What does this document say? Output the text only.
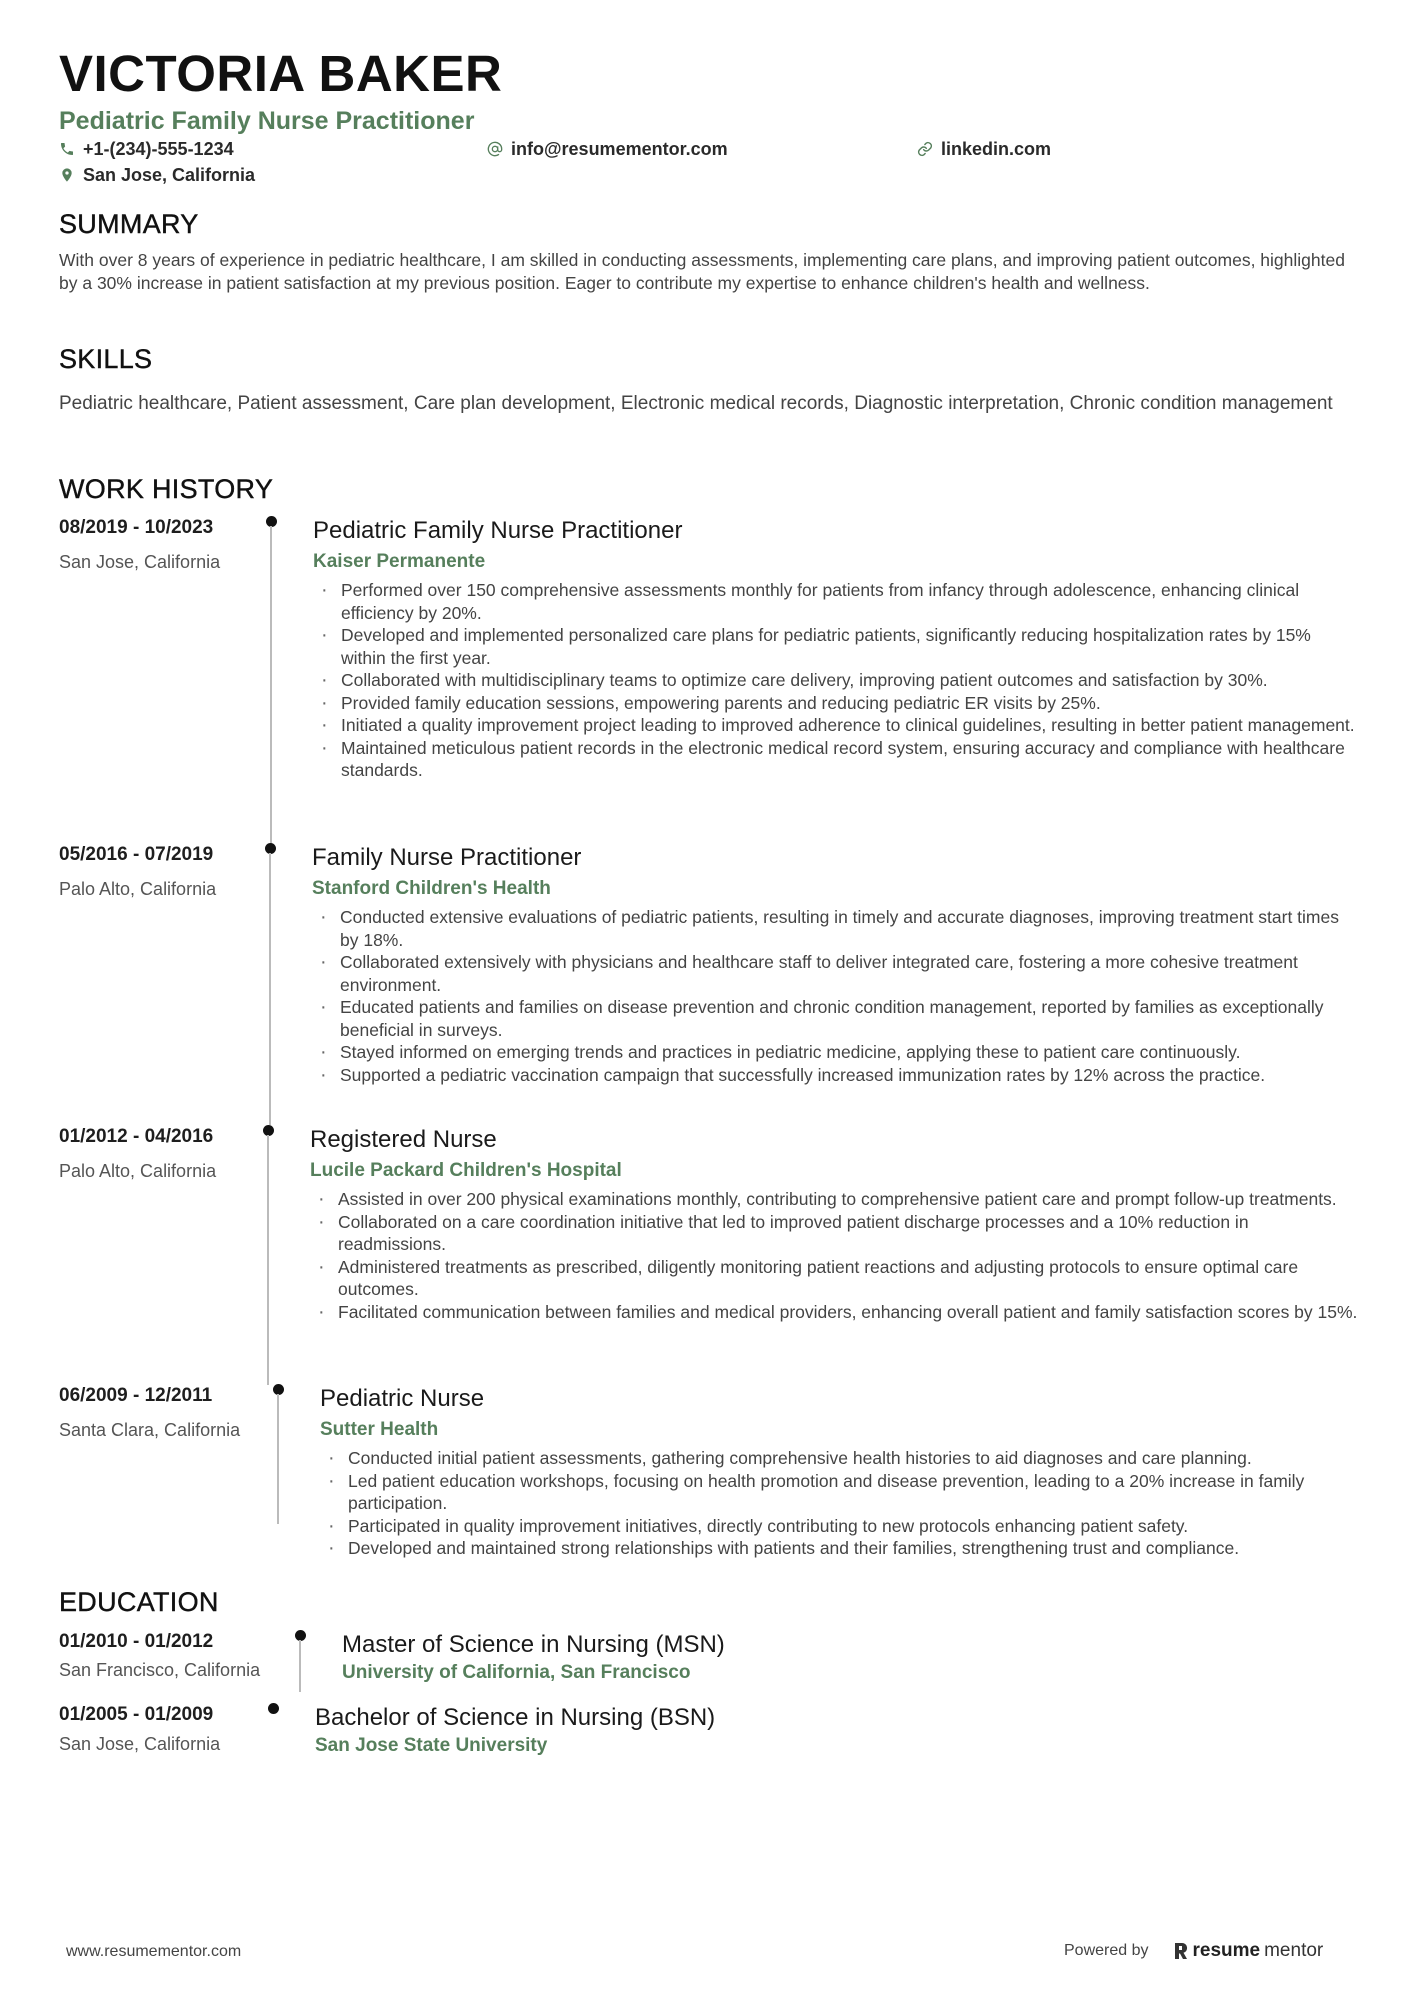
VICTORIA BAKER
Pediatric Family Nurse Practitioner
+1-(234)-555-1234	info@resumementor.com	linkedin.com
San Jose, California
SUMMARY
With over 8 years of experience in pediatric healthcare, I am skilled in conducting assessments, implementing care plans, and improving patient outcomes, highlighted by a 30% increase in patient satisfaction at my previous position. Eager to contribute my expertise to enhance children's health and wellness.
SKILLS
Pediatric healthcare, Patient assessment, Care plan development, Electronic medical records, Diagnostic interpretation, Chronic condition management
WORK HISTORY
08/2019 - 10/2023
San Jose, California
Pediatric Family Nurse Practitioner
Kaiser Permanente
· Performed over 150 comprehensive assessments monthly for patients from infancy through adolescence, enhancing clinical efficiency by 20%.
· Developed and implemented personalized care plans for pediatric patients, significantly reducing hospitalization rates by 15% within the first year.
· Collaborated with multidisciplinary teams to optimize care delivery, improving patient outcomes and satisfaction by 30%.
· Provided family education sessions, empowering parents and reducing pediatric ER visits by 25%.
· Initiated a quality improvement project leading to improved adherence to clinical guidelines, resulting in better patient management.
· Maintained meticulous patient records in the electronic medical record system, ensuring accuracy and compliance with healthcare standards.
05/2016 - 07/2019
Palo Alto, California
Family Nurse Practitioner
Stanford Children's Health
· Conducted extensive evaluations of pediatric patients, resulting in timely and accurate diagnoses, improving treatment start times by 18%.
· Collaborated extensively with physicians and healthcare staff to deliver integrated care, fostering a more cohesive treatment environment.
· Educated patients and families on disease prevention and chronic condition management, reported by families as exceptionally beneficial in surveys.
· Stayed informed on emerging trends and practices in pediatric medicine, applying these to patient care continuously.
· Supported a pediatric vaccination campaign that successfully increased immunization rates by 12% across the practice.
01/2012 - 04/2016
Palo Alto, California
Registered Nurse
Lucile Packard Children's Hospital
· Assisted in over 200 physical examinations monthly, contributing to comprehensive patient care and prompt follow-up treatments.
· Collaborated on a care coordination initiative that led to improved patient discharge processes and a 10% reduction in readmissions.
· Administered treatments as prescribed, diligently monitoring patient reactions and adjusting protocols to ensure optimal care outcomes.
· Facilitated communication between families and medical providers, enhancing overall patient and family satisfaction scores by 15%.
06/2009 - 12/2011
Santa Clara, California
Pediatric Nurse
Sutter Health
· Conducted initial patient assessments, gathering comprehensive health histories to aid diagnoses and care planning.
· Led patient education workshops, focusing on health promotion and disease prevention, leading to a 20% increase in family participation.
· Participated in quality improvement initiatives, directly contributing to new protocols enhancing patient safety.
· Developed and maintained strong relationships with patients and their families, strengthening trust and compliance.
EDUCATION
01/2010 - 01/2012
San Francisco, California
Master of Science in Nursing (MSN)
University of California, San Francisco
01/2005 - 01/2009
San Jose, California
Bachelor of Science in Nursing (BSN)
San Jose State University
www.resumementor.com	Powered by resume mentor
